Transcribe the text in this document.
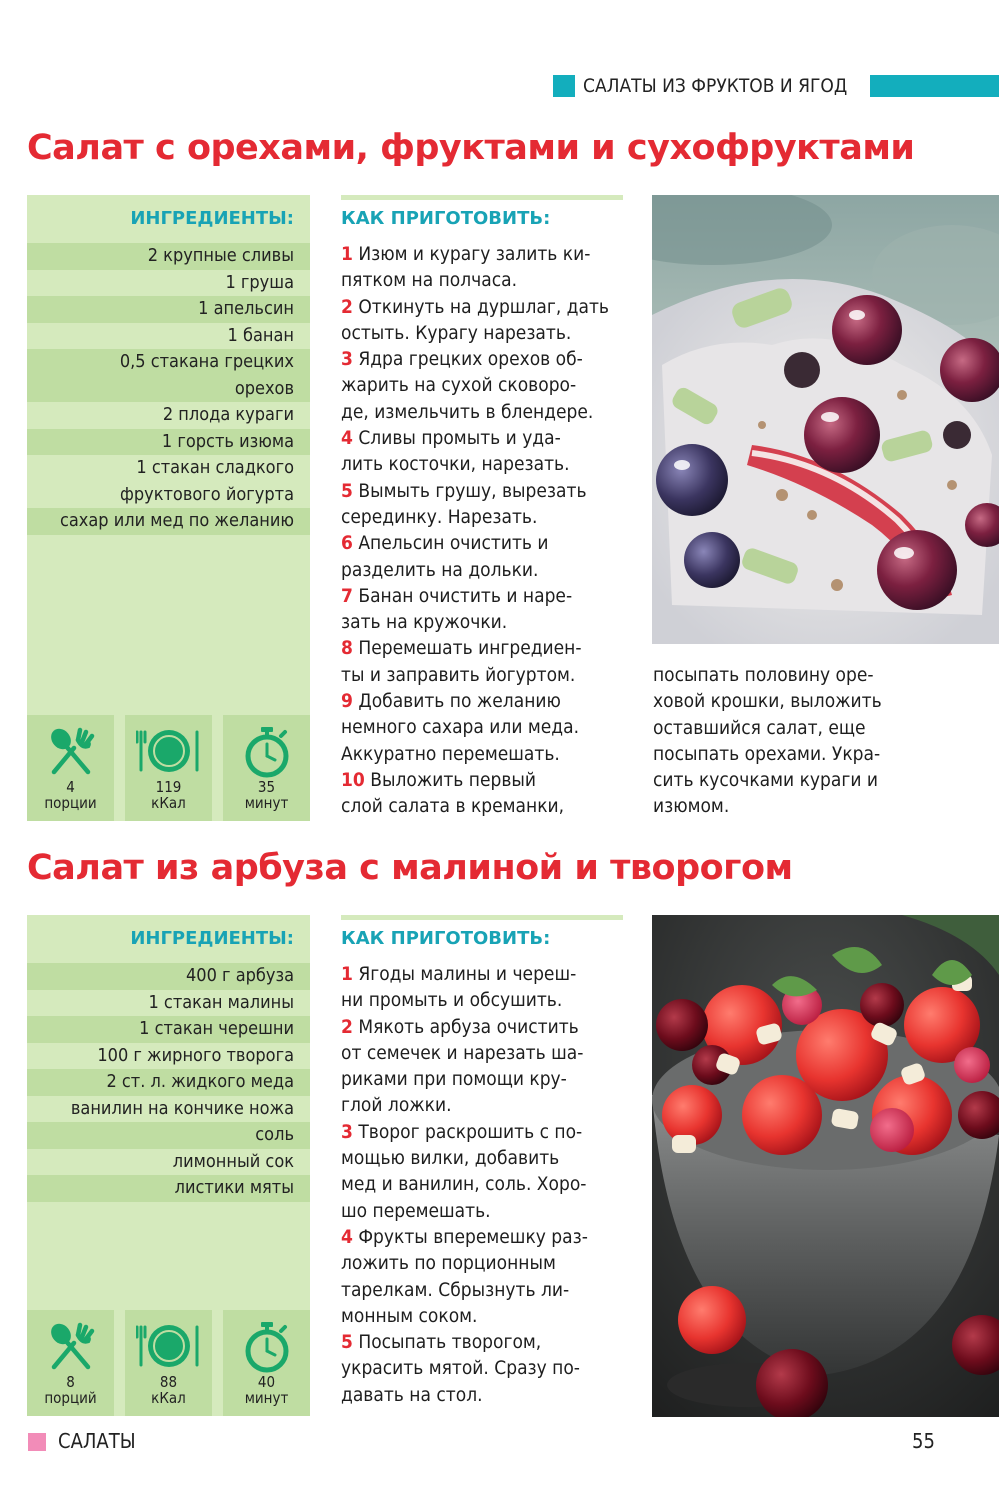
САЛАТЫ ИЗ ФРУКТОВ И ЯГОД
Салат с орехами, фруктами и сухофруктами
ИНГРЕДИЕНТЫ:
2 крупные сливы
1 груша
1 апельсин
1 банан
0,5 стакана грецких
орехов
2 плода кураги
1 горсть изюма
1 стакан сладкого
фруктового йогурта
сахар или мед по желанию
4
порции
119
кКал
35
минут
КАК ПРИГОТОВИТЬ:
1 Изюм и курагу залить ки-
пятком на полчаса.
2 Откинуть на дуршлаг, дать
остыть. Курагу нарезать.
3 Ядра грецких орехов об-
жарить на сухой сковоро-
де, измельчить в блендере.
4 Сливы промыть и уда-
лить косточки, нарезать.
5 Вымыть грушу, вырезать
серединку. Нарезать.
6 Апельсин очистить и
разделить на дольки.
7 Банан очистить и наре-
зать на кружочки.
8 Перемешать ингредиен-
ты и заправить йогуртом.
9 Добавить по желанию
немного сахара или меда.
Аккуратно перемешать.
10 Выложить первый
слой салата в креманки,
посыпать половину оре-
ховой крошки, выложить
оставшийся салат, еще
посыпать орехами. Укра-
сить кусочками кураги и
изюмом.
Салат из арбуза с малиной и творогом
ИНГРЕДИЕНТЫ:
400 г арбуза
1 стакан малины
1 стакан черешни
100 г жирного творога
2 ст. л. жидкого меда
ванилин на кончике ножа
соль
лимонный сок
листики мяты
8
порций
88
кКал
40
минут
КАК ПРИГОТОВИТЬ:
1 Ягоды малины и череш-
ни промыть и обсушить.
2 Мякоть арбуза очистить
от семечек и нарезать ша-
риками при помощи кру-
глой ложки.
3 Творог раскрошить с по-
мощью вилки, добавить
мед и ванилин, соль. Хоро-
шо перемешать.
4 Фрукты вперемешку раз-
ложить по порционным
тарелкам. Сбрызнуть ли-
монным соком.
5 Посыпать творогом,
украсить мятой. Сразу по-
давать на стол.
САЛАТЫ	55
